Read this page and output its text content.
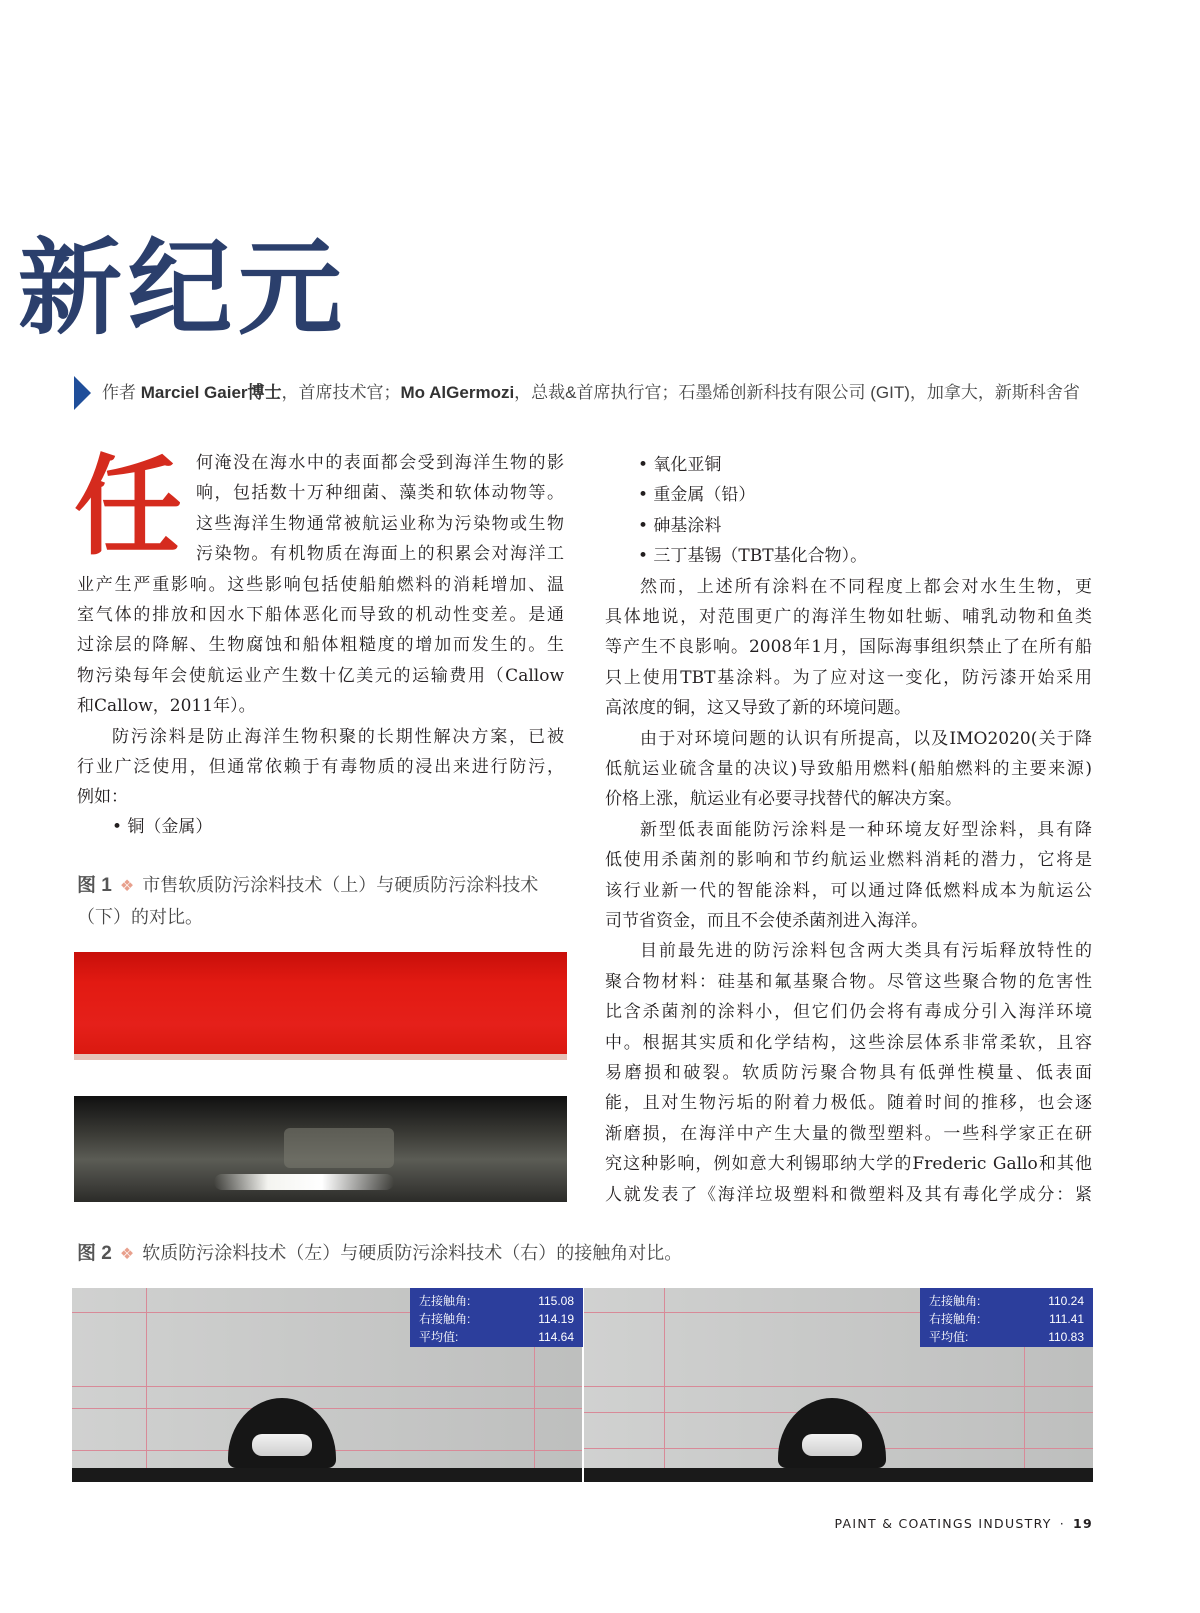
新纪元
作者 Marciel Gaier博士，首席技术官；Mo AlGermozi，总裁&首席执行官；石墨烯创新科技有限公司 (GIT)，加拿大，新斯科舍省
任 何淹没在海水中的表面都会受到海洋生物的影

响，包括数十万种细菌、藻类和软体动物等。

这些海洋生物通常被航运业称为污染物或生物

污染物。有机物质在海面上的积累会对海洋工

业产生严重影响。这些影响包括使船舶燃料的消耗增加、温

室气体的排放和因水下船体恶化而导致的机动性变差。是通

过涂层的降解、生物腐蚀和船体粗糙度的增加而发生的。生

物污染每年会使航运业产生数十亿美元的运输费用（Callow

和Callow，2011年）。

防污涂料是防止海洋生物积聚的长期性解决方案，已被

行业广泛使用，但通常依赖于有毒物质的浸出来进行防污，

例如：

• 铜（金属）
图 1 ❖ 市售软质防污涂料技术（上）与硬质防污涂料技术
（下）的对比。
• 氧化亚铜
• 重金属（铅）
• 砷基涂料
• 三丁基锡（TBT基化合物）。

然而，上述所有涂料在不同程度上都会对水生生物，更

具体地说，对范围更广的海洋生物如牡蛎、哺乳动物和鱼类

等产生不良影响。2008年1月，国际海事组织禁止了在所有船

只上使用TBT基涂料。为了应对这一变化，防污漆开始采用

高浓度的铜，这又导致了新的环境问题。

由于对环境问题的认识有所提高，以及IMO2020(关于降

低航运业硫含量的决议)导致船用燃料(船舶燃料的主要来源)

价格上涨，航运业有必要寻找替代的解决方案。

新型低表面能防污涂料是一种环境友好型涂料，具有降

低使用杀菌剂的影响和节约航运业燃料消耗的潜力，它将是

该行业新一代的智能涂料，可以通过降低燃料成本为航运公

司节省资金，而且不会使杀菌剂进入海洋。

目前最先进的防污涂料包含两大类具有污垢释放特性的

聚合物材料：硅基和氟基聚合物。尽管这些聚合物的危害性

比含杀菌剂的涂料小，但它们仍会将有毒成分引入海洋环境

中。根据其实质和化学结构，这些涂层体系非常柔软，且容

易磨损和破裂。软质防污聚合物具有低弹性模量、低表面

能，且对生物污垢的附着力极低。随着时间的推移，也会逐

渐磨损，在海洋中产生大量的微型塑料。一些科学家正在研

究这种影响，例如意大利锡耶纳大学的Frederic Gallo和其他

人就发表了《海洋垃圾塑料和微塑料及其有毒化学成分：紧

图 2 ❖ 软质防污涂料技术（左）与硬质防污涂料技术（右）的接触角对比。
左接触角:	115.08
右接触角:	114.19
平均值:	114.64
左接触角:	110.24
右接触角:	111.41
平均值:	110.83
PAINT & COATINGS INDUSTRY · 19
